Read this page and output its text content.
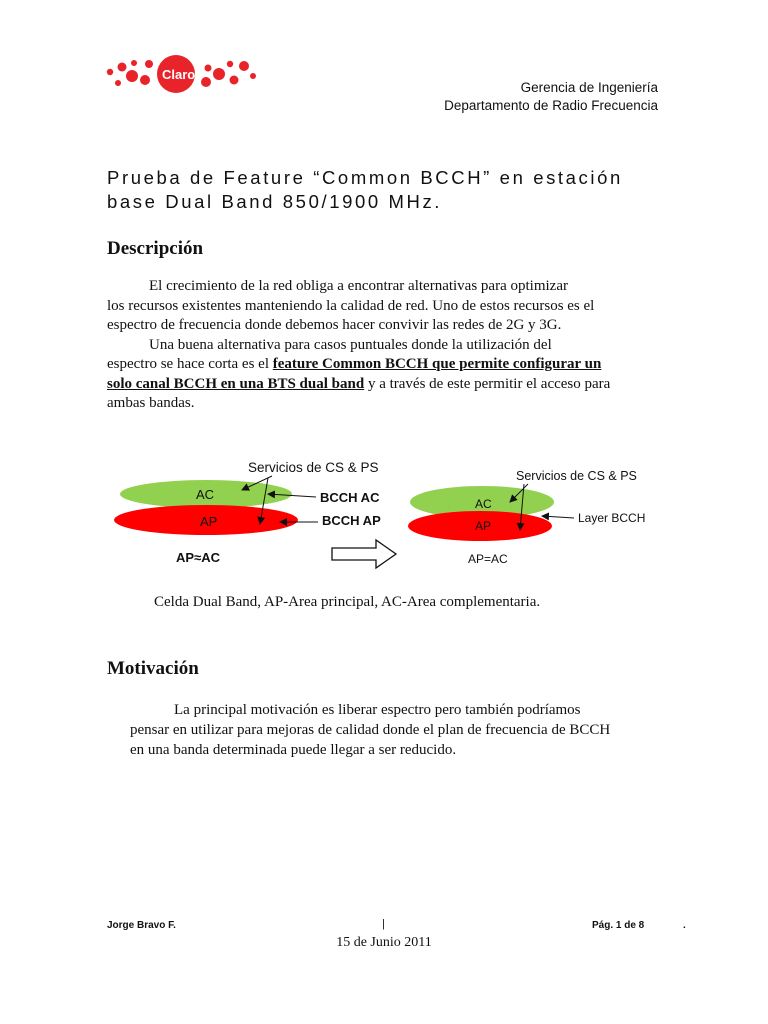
Claro
Gerencia de Ingeniería
Departamento de Radio Frecuencia
Prueba de Feature “Common BCCH” en estación
base Dual Band 850/1900 MHz.
Descripción

El crecimiento de la red obliga a encontrar alternativas para optimizar

los recursos existentes manteniendo la calidad de red. Uno de estos recursos es el

espectro de frecuencia donde debemos hacer convivir las redes de 2G y 3G.

Una buena alternativa para casos puntuales donde la utilización del

espectro se hace corta es el feature Common BCCH que permite configurar un

solo canal BCCH en una BTS dual band y a través de este permitir el acceso para

ambas bandas.

AC
AP
Servicios de CS & PS
BCCH AC
BCCH AP
AP≈AC
AC
AP
Servicios de CS & PS
Layer BCCH
AP=AC
Celda Dual Band, AP-Area principal, AC-Area complementaria.
Motivación

La principal motivación es liberar espectro pero también podríamos

pensar en utilizar para mejoras de calidad donde el plan de frecuencia de BCCH

en una banda determinada puede llegar a ser reducido.

Jorge Bravo F.	|	Pág. 1 de 8	.
15 de Junio 2011
